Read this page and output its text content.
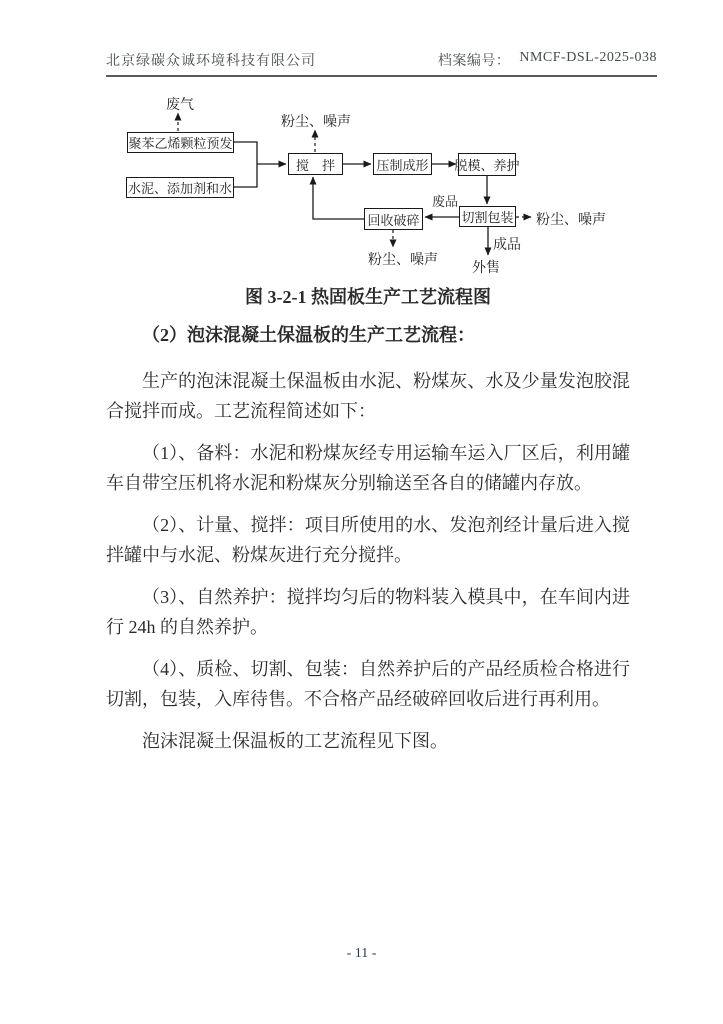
北京绿碳众诚环境科技有限公司	档案编号： NMCF-DSL-2025-038
聚苯乙烯颗粒预发
水泥、添加剂和水
搅　拌	压制成形 脱模、养护
切割包装
回收破碎
废气
粉尘、噪声
粉尘、噪声
粉尘、噪声
废品
成品
外售
图 3-2-1 热固板生产工艺流程图
（2）泡沫混凝土保温板的生产工艺流程：

生产的泡沫混凝土保温板由水泥、粉煤灰、水及少量发泡胶混合搅拌而成。工艺流程简述如下：

（1）、备料：水泥和粉煤灰经专用运输车运入厂区后，利用罐车自带空压机将水泥和粉煤灰分别输送至各自的储罐内存放。

（2）、计量、搅拌：项目所使用的水、发泡剂经计量后进入搅拌罐中与水泥、粉煤灰进行充分搅拌。

（3）、自然养护：搅拌均匀后的物料装入模具中，在车间内进行 24h 的自然养护。

（4）、质检、切割、包装：自然养护后的产品经质检合格进行切割，包装，入库待售。不合格产品经破碎回收后进行再利用。

泡沫混凝土保温板的工艺流程见下图。

- 11 -
